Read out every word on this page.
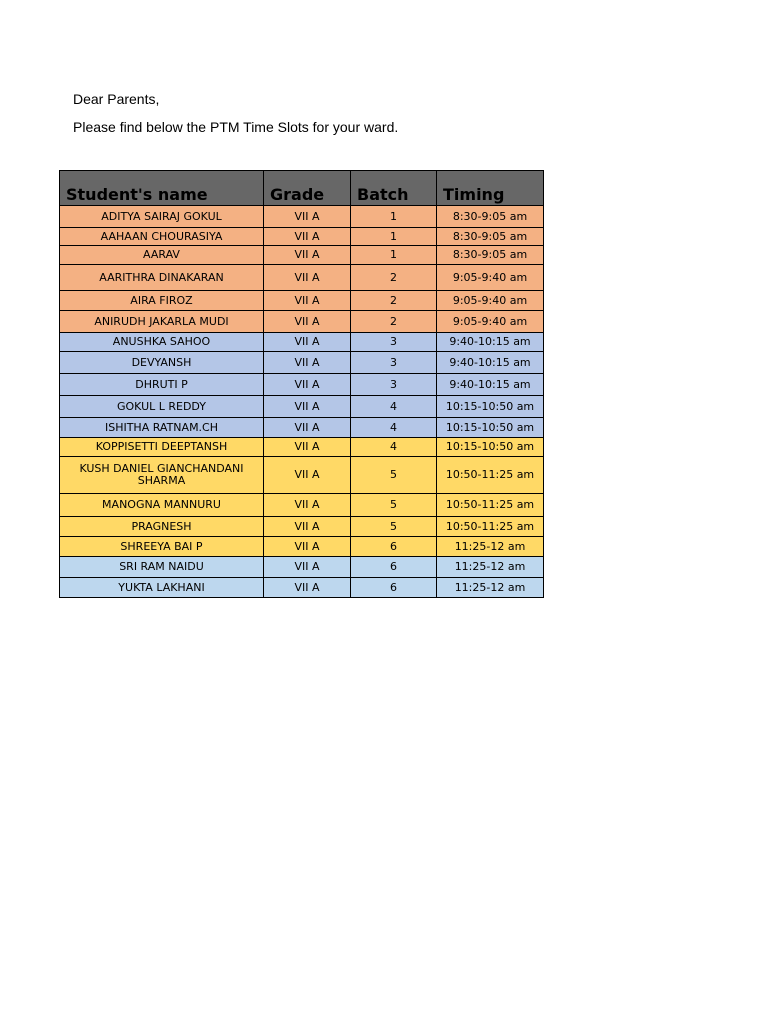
Dear Parents,
Please find below the PTM Time Slots for your ward.
Student's name	Grade	Batch	Timing
ADITYA SAIRAJ GOKUL	VII A	1	8:30-9:05 am
AAHAAN CHOURASIYA	VII A	1	8:30-9:05 am
AARAV	VII A	1	8:30-9:05 am
AARITHRA DINAKARAN	VII A	2	9:05-9:40 am
AIRA FIROZ	VII A	2	9:05-9:40 am
ANIRUDH JAKARLA MUDI	VII A	2	9:05-9:40 am
ANUSHKA SAHOO	VII A	3	9:40-10:15 am
DEVYANSH	VII A	3	9:40-10:15 am
DHRUTI P	VII A	3	9:40-10:15 am
GOKUL L REDDY	VII A	4	10:15-10:50 am
ISHITHA RATNAM.CH	VII A	4	10:15-10:50 am
KOPPISETTI DEEPTANSH	VII A	4	10:15-10:50 am
KUSH DANIEL GIANCHANDANI SHARMA	VII A	5	10:50-11:25 am
MANOGNA MANNURU	VII A	5	10:50-11:25 am
PRAGNESH	VII A	5	10:50-11:25 am
SHREEYA BAI P	VII A	6	11:25-12 am
SRI RAM NAIDU	VII A	6	11:25-12 am
YUKTA LAKHANI	VII A	6	11:25-12 am
